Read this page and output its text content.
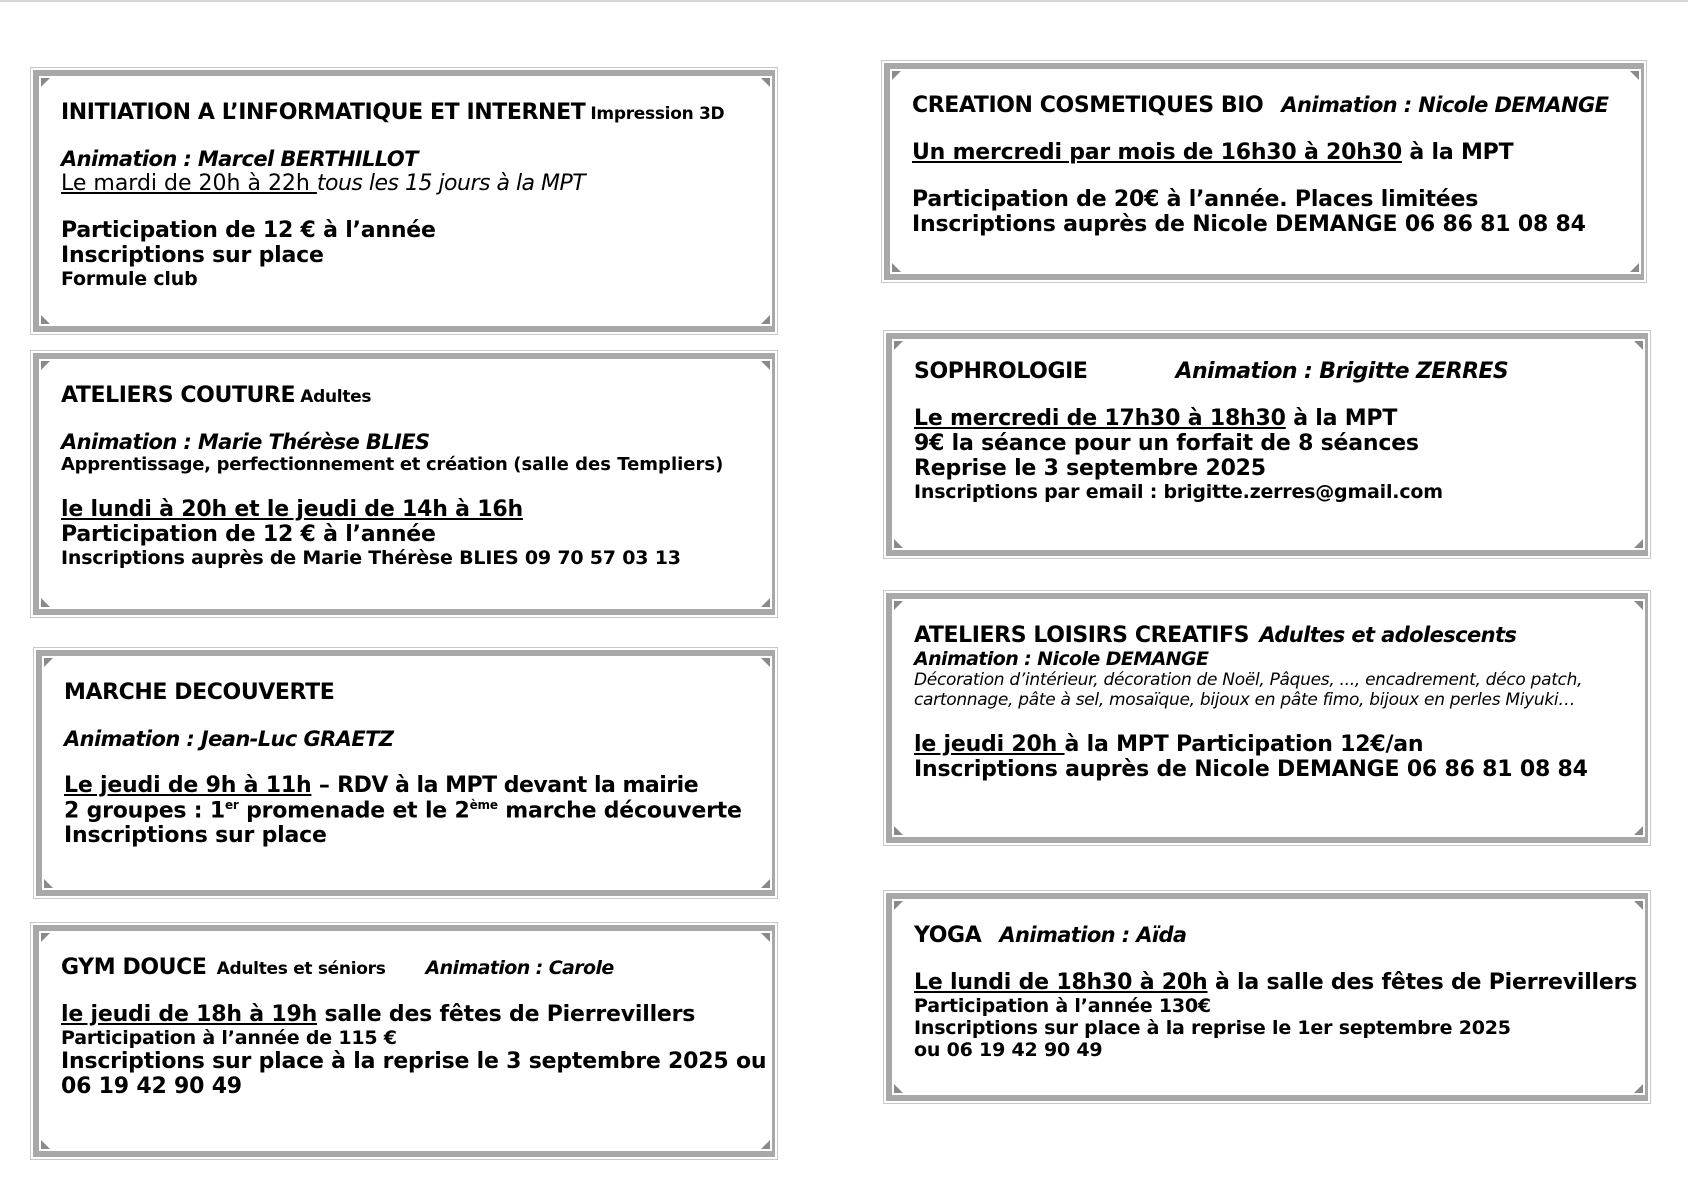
INITIATION A L’INFORMATIQUE ET INTERNET Impression 3D
Animation : Marcel BERTHILLOT
Le mardi de 20h à 22h tous les 15 jours à la MPT
Participation de 12 € à l’année
Inscriptions sur place
Formule club
ATELIERS COUTURE Adultes
Animation : Marie Thérèse BLIES
Apprentissage, perfectionnement et création (salle des Templiers)
le lundi à 20h et le jeudi de 14h à 16h
Participation de 12 € à l’année
Inscriptions auprès de Marie Thérèse BLIES 09 70 57 03 13
MARCHE DECOUVERTE
Animation : Jean-Luc GRAETZ
Le jeudi de 9h à 11h – RDV à la MPT devant la mairie
2 groupes : 1er promenade et le 2ème marche découverte
Inscriptions sur place
GYM DOUCE Adultes et séniors Animation : Carole
le jeudi de 18h à 19h salle des fêtes de Pierrevillers
Participation à l’année de 115 €
Inscriptions sur place à la reprise le 3 septembre 2025 ou
06 19 42 90 49
CREATION COSMETIQUES BIO Animation : Nicole DEMANGE
Un mercredi par mois de 16h30 à 20h30 à la MPT
Participation de 20€ à l’année. Places limitées
Inscriptions auprès de Nicole DEMANGE 06 86 81 08 84
SOPHROLOGIE	Animation : Brigitte ZERRES
Le mercredi de 17h30 à 18h30 à la MPT
9€ la séance pour un forfait de 8 séances
Reprise le 3 septembre 2025
Inscriptions par email : brigitte.zerres@gmail.com
ATELIERS LOISIRS CREATIFS Adultes et adolescents
Animation : Nicole DEMANGE
Décoration d’intérieur, décoration de Noël, Pâques, ..., encadrement, déco patch,
cartonnage, pâte à sel, mosaïque, bijoux en pâte fimo, bijoux en perles Miyuki…
le jeudi 20h à la MPT Participation 12€/an
Inscriptions auprès de Nicole DEMANGE 06 86 81 08 84
YOGA Animation : Aïda
Le lundi de 18h30 à 20h à la salle des fêtes de Pierrevillers
Participation à l’année 130€
Inscriptions sur place à la reprise le 1er septembre 2025
ou 06 19 42 90 49
